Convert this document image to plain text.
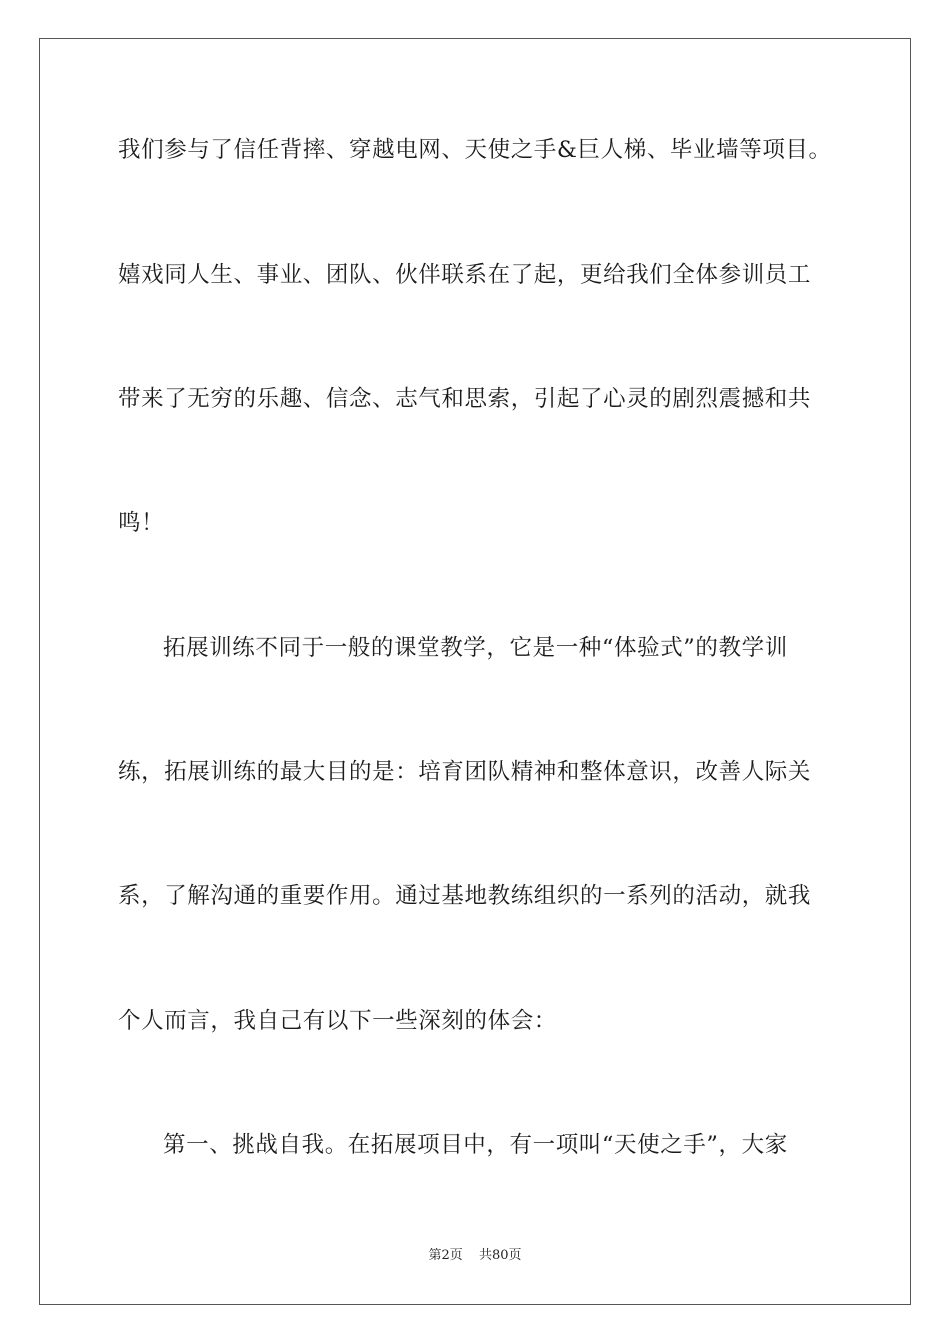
我们参与了信任背摔、穿越电网、天使之手&巨人梯、毕业墙等项目。
嬉戏同人生、事业、团队、伙伴联系在了起，更给我们全体参训员工
带来了无穷的乐趣、信念、志气和思索，引起了心灵的剧烈震撼和共
鸣！
拓展训练不同于一般的课堂教学，它是一种“体验式”的教学训
练，拓展训练的最大目的是：培育团队精神和整体意识，改善人际关
系，了解沟通的重要作用。通过基地教练组织的一系列的活动，就我
个人而言，我自己有以下一些深刻的体会：
第一、挑战自我。在拓展项目中，有一项叫“天使之手”，大家
第2页 共80页
